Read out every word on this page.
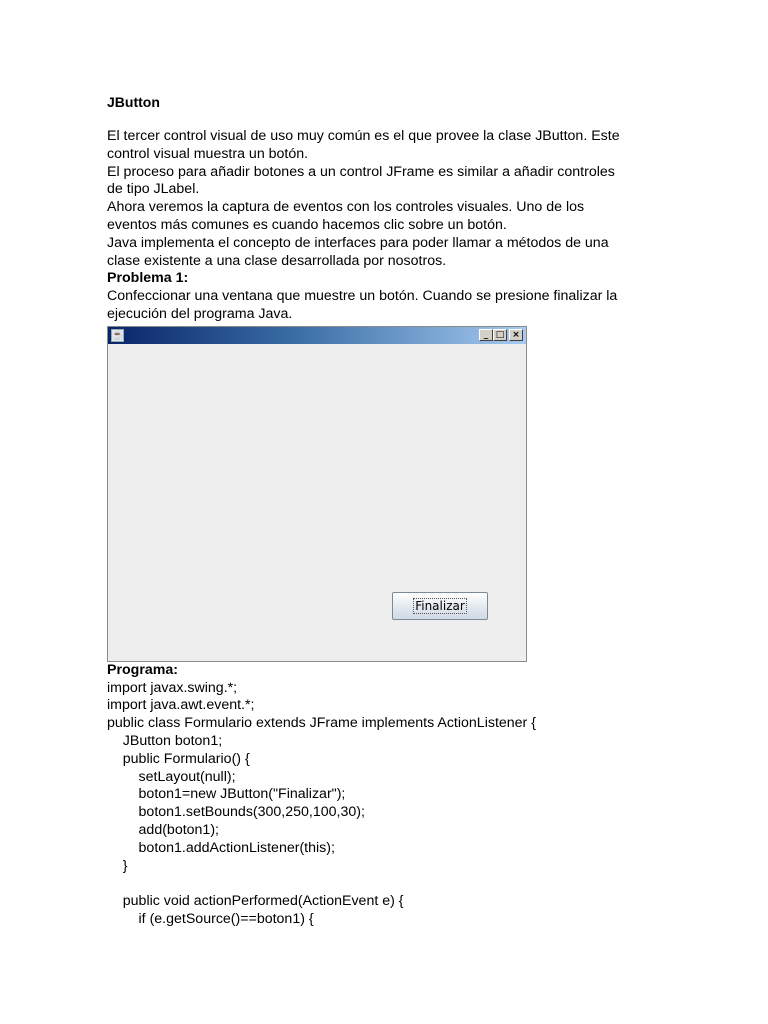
JButton

El tercer control visual de uso muy común es el que provee la clase JButton. Este

control visual muestra un botón.

El proceso para añadir botones a un control JFrame es similar a añadir controles

de tipo JLabel.

Ahora veremos la captura de eventos con los controles visuales. Uno de los

eventos más comunes es cuando hacemos clic sobre un botón.

Java implementa el concepto de interfaces para poder llamar a métodos de una

clase existente a una clase desarrollada por nosotros.

Problema 1:

Confeccionar una ventana que muestre un botón. Cuando se presione finalizar la

ejecución del programa Java.

☕	_ □ ×
Finalizar

Programa:

import javax.swing.*;

import java.awt.event.*;

public class Formulario extends JFrame implements ActionListener {

JButton boton1;

public Formulario() {

setLayout(null);

boton1=new JButton("Finalizar");

boton1.setBounds(300,250,100,30);

add(boton1);

boton1.addActionListener(this);

}

public void actionPerformed(ActionEvent e) {

if (e.getSource()==boton1) {
